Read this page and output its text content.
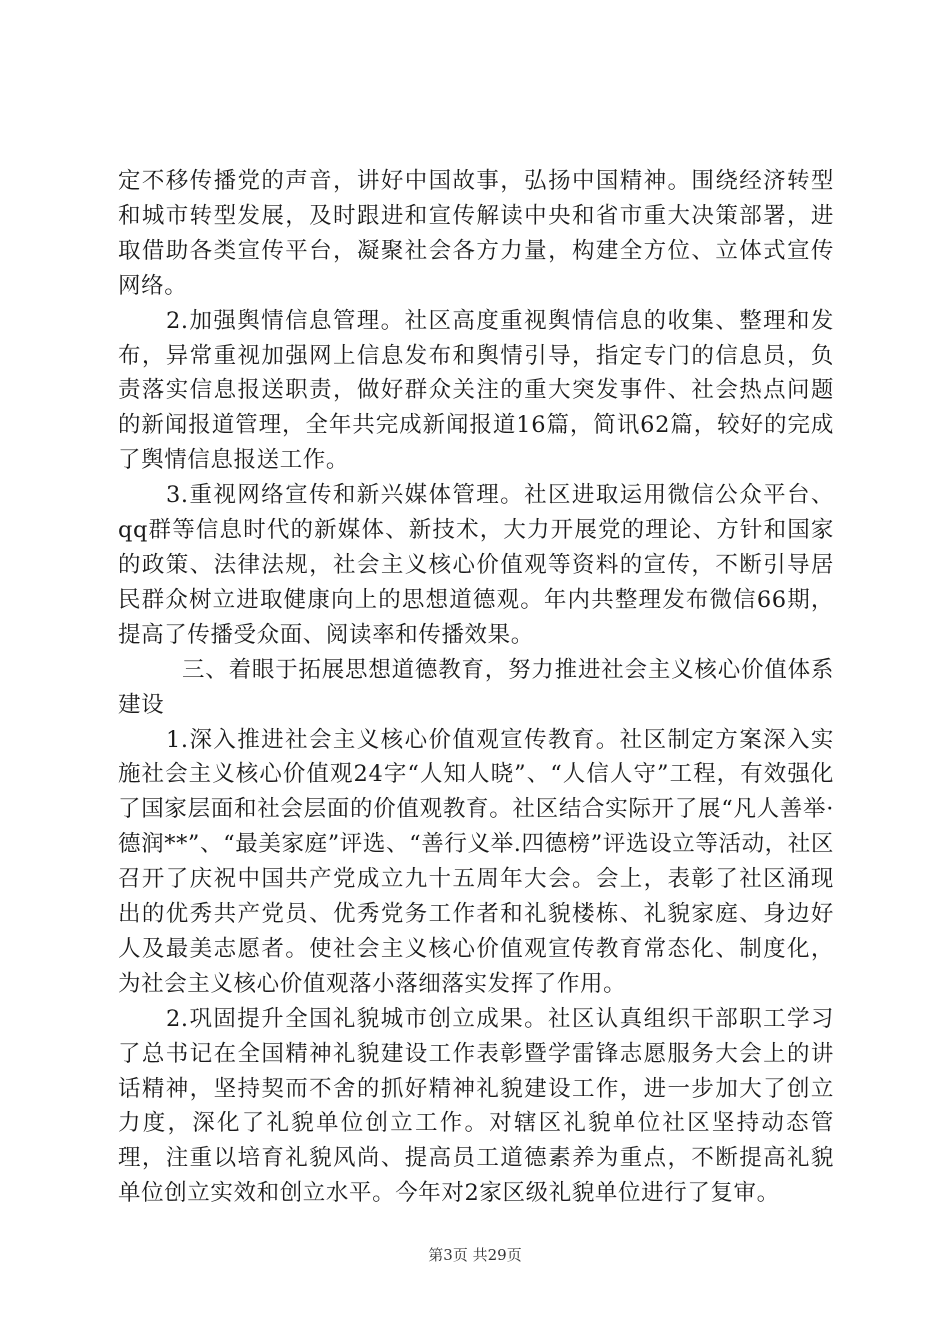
定不移传播党的声音，讲好中国故事，弘扬中国精神。围绕经济转型和城市转型发展，及时跟进和宣传解读中央和省市重大决策部署，进取借助各类宣传平台，凝聚社会各方力量，构建全方位、立体式宣传网络。

2.加强舆情信息管理。社区高度重视舆情信息的收集、整理和发布，异常重视加强网上信息发布和舆情引导，指定专门的信息员，负责落实信息报送职责，做好群众关注的重大突发事件、社会热点问题的新闻报道管理，全年共完成新闻报道16篇，简讯62篇，较好的完成了舆情信息报送工作。

3.重视网络宣传和新兴媒体管理。社区进取运用微信公众平台、qq群等信息时代的新媒体、新技术，大力开展党的理论、方针和国家的政策、法律法规，社会主义核心价值观等资料的宣传，不断引导居民群众树立进取健康向上的思想道德观。年内共整理发布微信66期，提高了传播受众面、阅读率和传播效果。

三、着眼于拓展思想道德教育，努力推进社会主义核心价值体系建设

1.深入推进社会主义核心价值观宣传教育。社区制定方案深入实施社会主义核心价值观24字“人知人晓”、“人信人守”工程，有效强化了国家层面和社会层面的价值观教育。社区结合实际开了展“凡人善举·德润**”、“最美家庭”评选、“善行义举.四德榜”评选设立等活动，社区召开了庆祝中国共产党成立九十五周年大会。会上，表彰了社区涌现出的优秀共产党员、优秀党务工作者和礼貌楼栋、礼貌家庭、身边好人及最美志愿者。使社会主义核心价值观宣传教育常态化、制度化，为社会主义核心价值观落小落细落实发挥了作用。

2.巩固提升全国礼貌城市创立成果。社区认真组织干部职工学习了总书记在全国精神礼貌建设工作表彰暨学雷锋志愿服务大会上的讲话精神，坚持契而不舍的抓好精神礼貌建设工作，进一步加大了创立力度，深化了礼貌单位创立工作。对辖区礼貌单位社区坚持动态管理，注重以培育礼貌风尚、提高员工道德素养为重点，不断提高礼貌单位创立实效和创立水平。今年对2家区级礼貌单位进行了复审。

第3页 共29页
